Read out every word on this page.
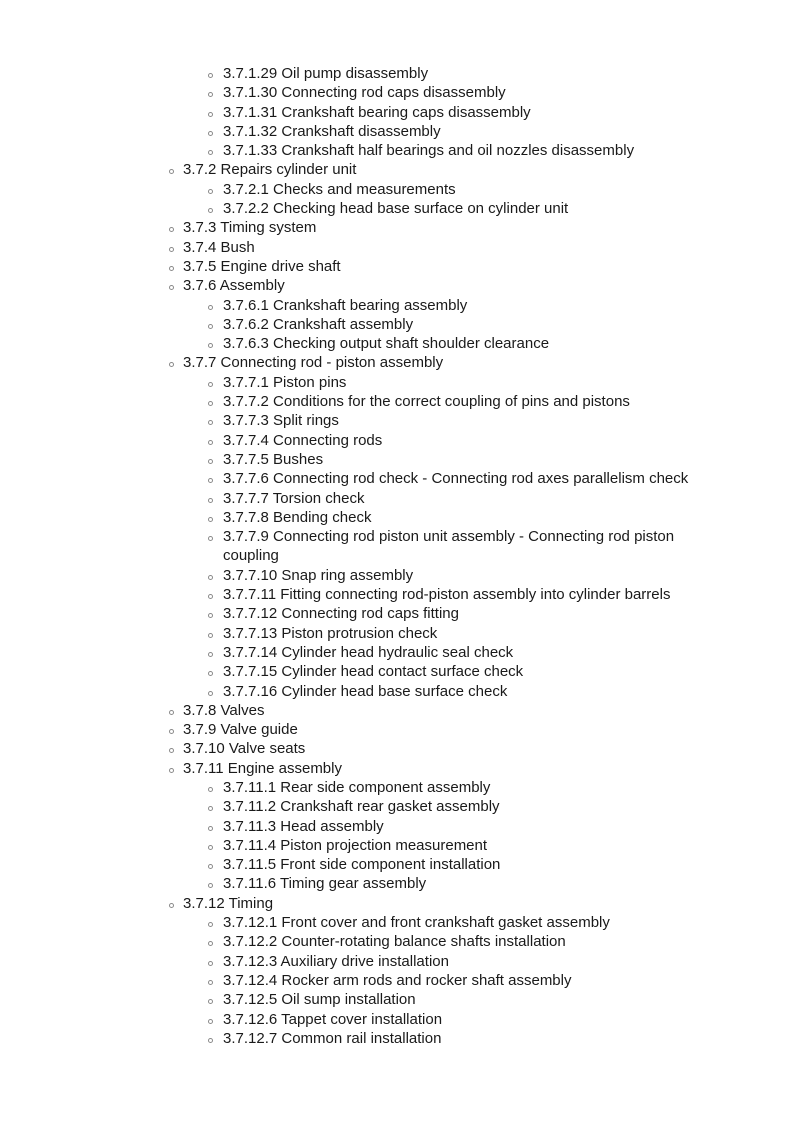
3.7.1.29 Oil pump disassembly
3.7.1.30 Connecting rod caps disassembly
3.7.1.31 Crankshaft bearing caps disassembly
3.7.1.32 Crankshaft disassembly
3.7.1.33 Crankshaft half bearings and oil nozzles disassembly
3.7.2 Repairs cylinder unit
3.7.2.1 Checks and measurements
3.7.2.2 Checking head base surface on cylinder unit
3.7.3 Timing system
3.7.4 Bush
3.7.5 Engine drive shaft
3.7.6 Assembly
3.7.6.1 Crankshaft bearing assembly
3.7.6.2 Crankshaft assembly
3.7.6.3 Checking output shaft shoulder clearance
3.7.7 Connecting rod - piston assembly
3.7.7.1 Piston pins
3.7.7.2 Conditions for the correct coupling of pins and pistons
3.7.7.3 Split rings
3.7.7.4 Connecting rods
3.7.7.5 Bushes
3.7.7.6 Connecting rod check - Connecting rod axes parallelism check
3.7.7.7 Torsion check
3.7.7.8 Bending check
3.7.7.9 Connecting rod piston unit assembly - Connecting rod piston coupling
3.7.7.10 Snap ring assembly
3.7.7.11 Fitting connecting rod-piston assembly into cylinder barrels
3.7.7.12 Connecting rod caps fitting
3.7.7.13 Piston protrusion check
3.7.7.14 Cylinder head hydraulic seal check
3.7.7.15 Cylinder head contact surface check
3.7.7.16 Cylinder head base surface check
3.7.8 Valves
3.7.9 Valve guide
3.7.10 Valve seats
3.7.11 Engine assembly
3.7.11.1 Rear side component assembly
3.7.11.2 Crankshaft rear gasket assembly
3.7.11.3 Head assembly
3.7.11.4 Piston projection measurement
3.7.11.5 Front side component installation
3.7.11.6 Timing gear assembly
3.7.12 Timing
3.7.12.1 Front cover and front crankshaft gasket assembly
3.7.12.2 Counter-rotating balance shafts installation
3.7.12.3 Auxiliary drive installation
3.7.12.4 Rocker arm rods and rocker shaft assembly
3.7.12.5 Oil sump installation
3.7.12.6 Tappet cover installation
3.7.12.7 Common rail installation
